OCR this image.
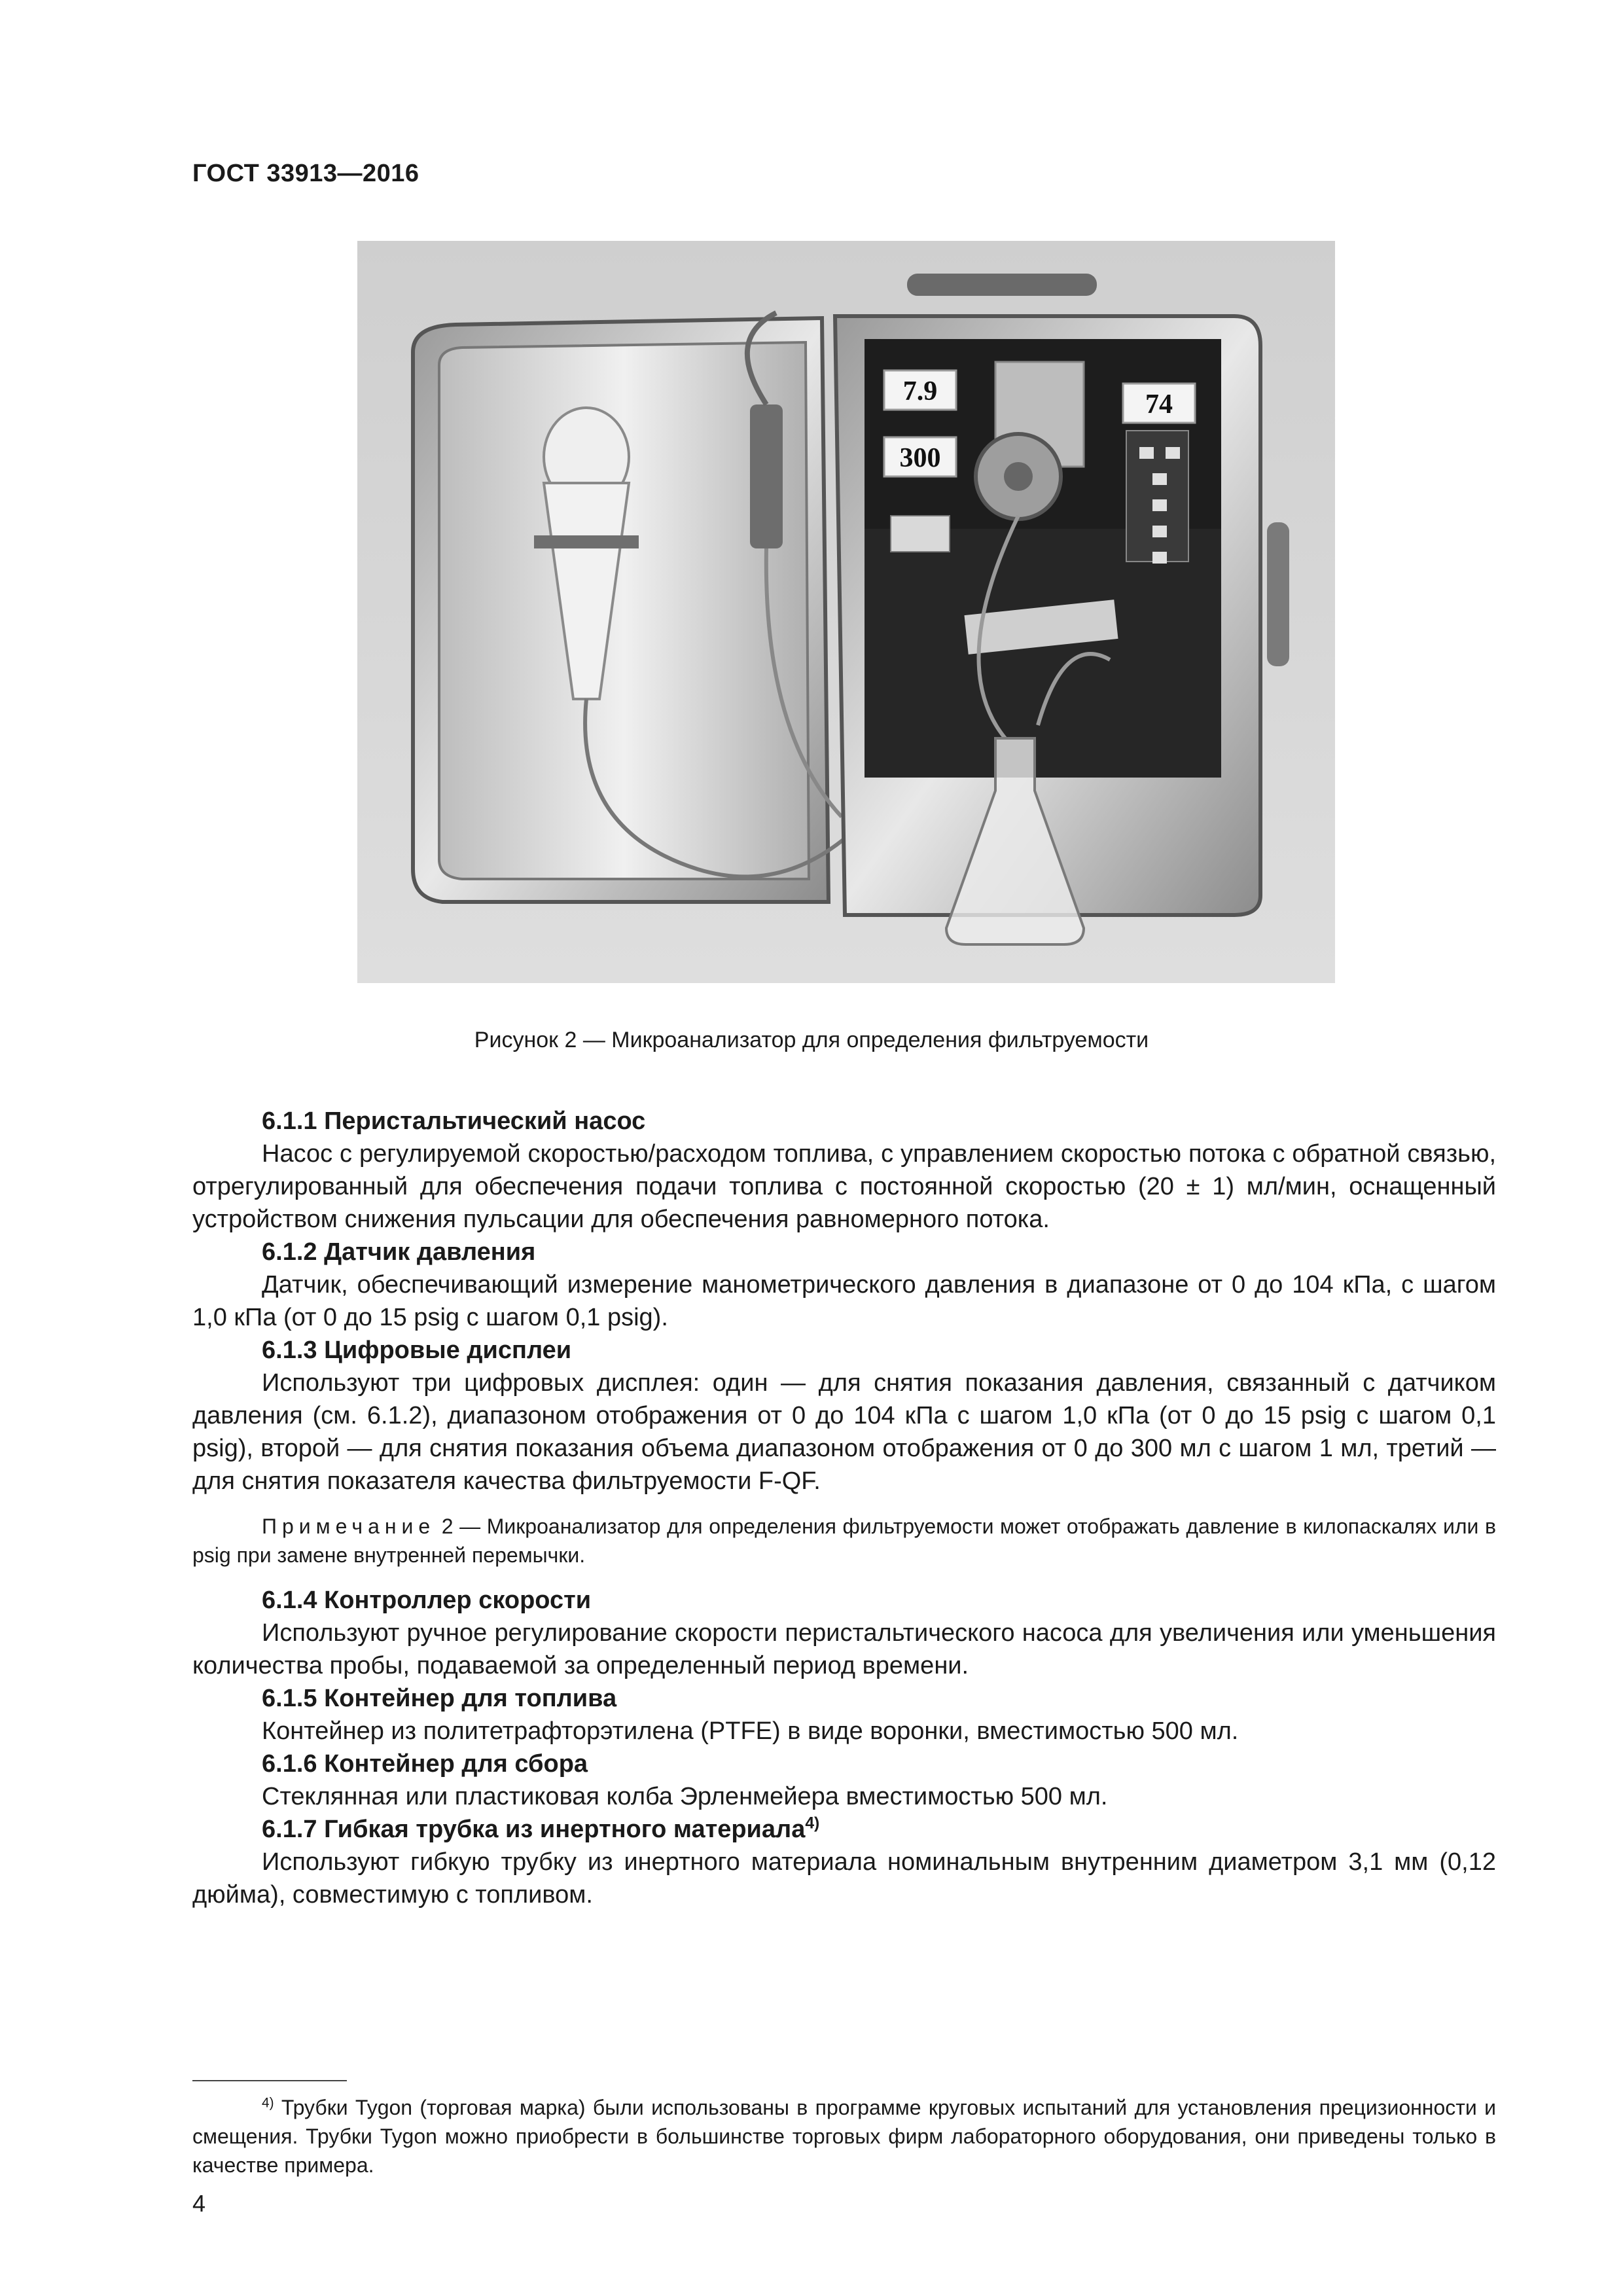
ГОСТ 33913—2016
7.9
300
74
Рисунок 2 — Микроанализатор для определения фильтруемости
6.1.1 Перистальтический насос
Насос с регулируемой скоростью/расходом топлива, с управлением скоростью потока с обратной связью, отрегулированный для обеспечения подачи топлива с постоянной скоростью (20 ± 1) мл/мин, оснащенный устройством снижения пульсации для обеспечения равномерного потока.
6.1.2 Датчик давления
Датчик, обеспечивающий измерение манометрического давления в диапазоне от 0 до 104 кПа, с шагом 1,0 кПа (от 0 до 15 psig с шагом 0,1 psig).
6.1.3 Цифровые дисплеи
Используют три цифровых дисплея: один — для снятия показания давления, связанный с датчиком давления (см. 6.1.2), диапазоном отображения от 0 до 104 кПа с шагом 1,0 кПа (от 0 до 15 psig с шагом 0,1 psig), второй — для снятия показания объема диапазоном отображения от 0 до 300 мл с шагом 1 мл, третий — для снятия показателя качества фильтруемости F-QF.
Примечание 2 — Микроанализатор для определения фильтруемости может отображать давление в килопаскалях или в psig при замене внутренней перемычки.
6.1.4 Контроллер скорости
Используют ручное регулирование скорости перистальтического насоса для увеличения или уменьшения количества пробы, подаваемой за определенный период времени.
6.1.5 Контейнер для топлива
Контейнер из политетрафторэтилена (PTFE) в виде воронки, вместимостью 500 мл.
6.1.6 Контейнер для сбора
Стеклянная или пластиковая колба Эрленмейера вместимостью 500 мл.
6.1.7 Гибкая трубка из инертного материала$^{4)}$
Используют гибкую трубку из инертного материала номинальным внутренним диаметром 3,1 мм (0,12 дюйма), совместимую с топливом.
$^{4)}$ Трубки Tygon (торговая марка) были использованы в программе круговых испытаний для установления прецизионности и смещения. Трубки Tygon можно приобрести в большинстве торговых фирм лабораторного оборудования, они приведены только в качестве примера.
4
